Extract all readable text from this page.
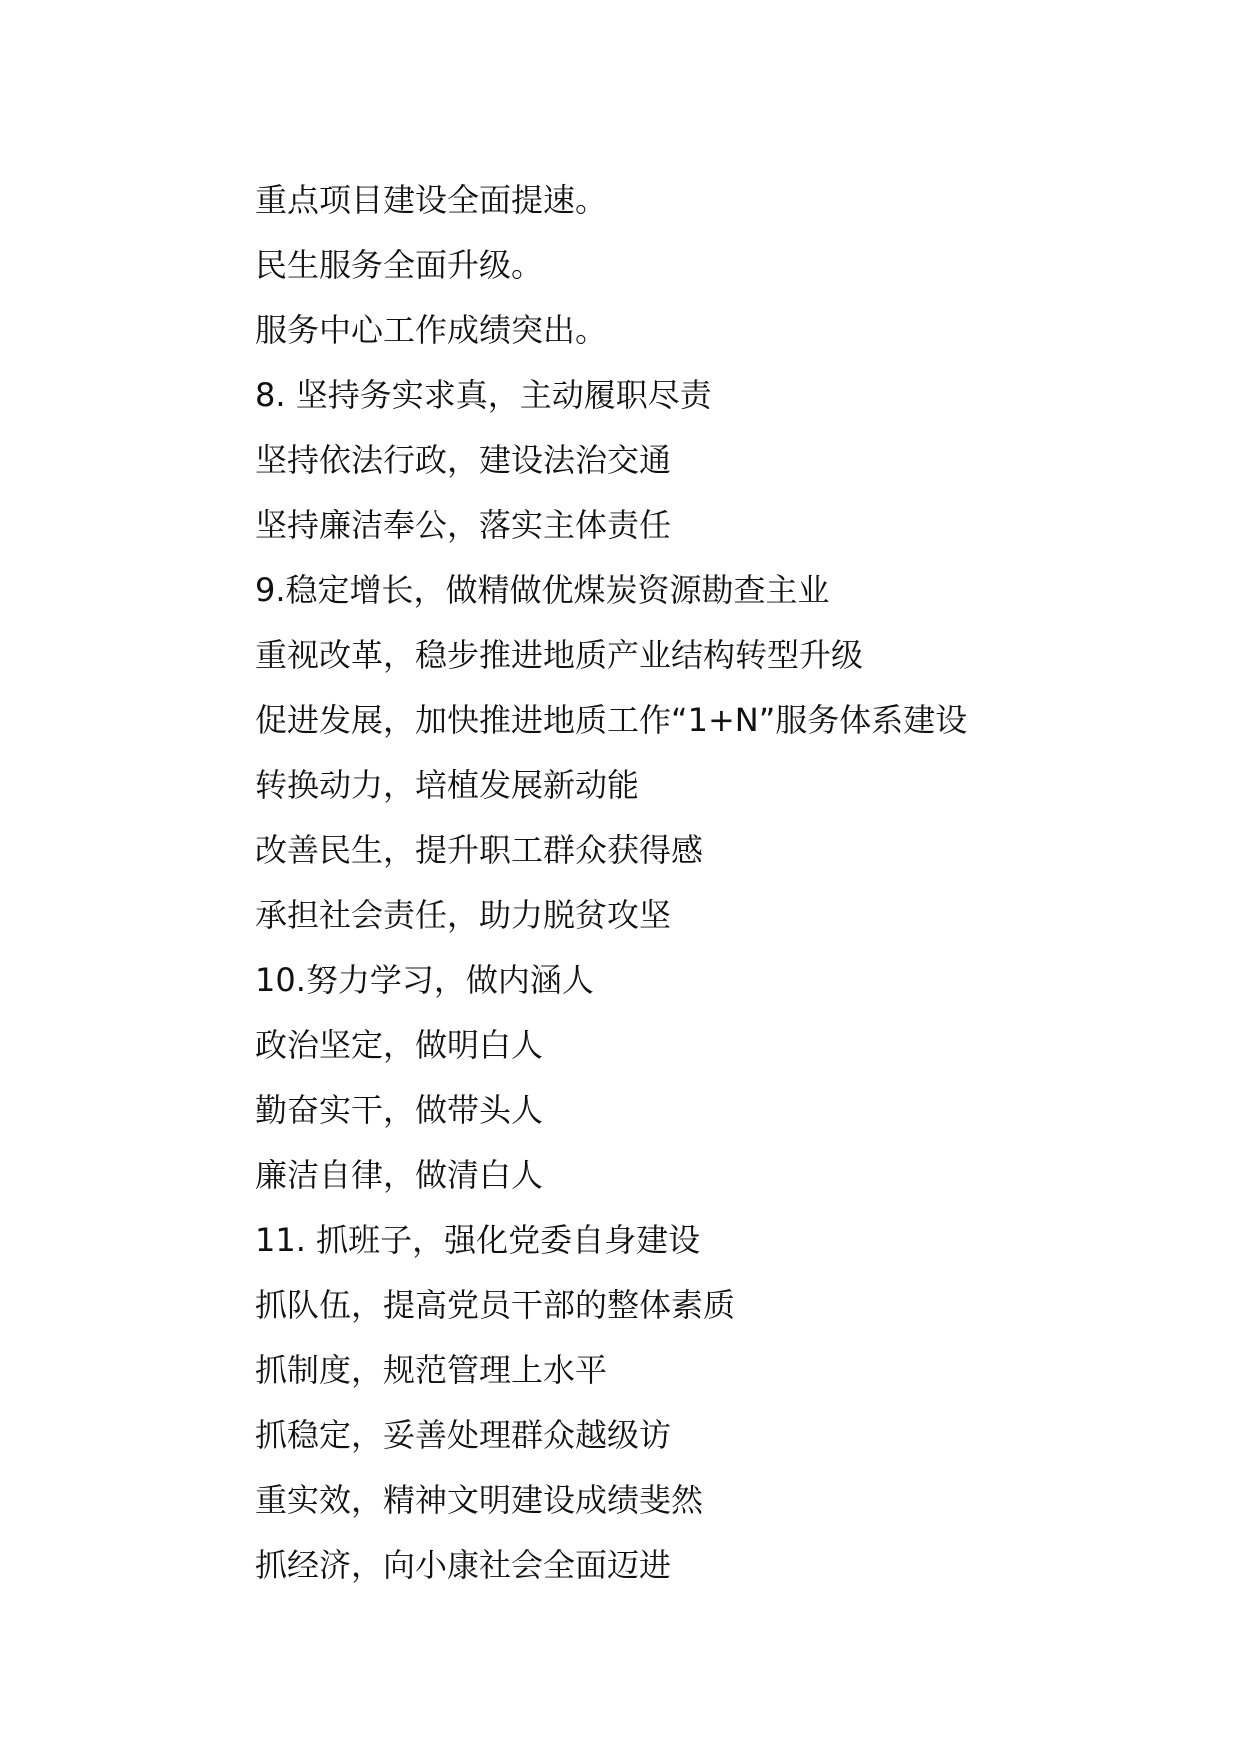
重点项目建设全面提速。
民生服务全面升级。
服务中心工作成绩突出。
8. 坚持务实求真，主动履职尽责
坚持依法行政，建设法治交通
坚持廉洁奉公，落实主体责任
9.稳定增长，做精做优煤炭资源勘查主业
重视改革，稳步推进地质产业结构转型升级
促进发展，加快推进地质工作“1+N”服务体系建设
转换动力，培植发展新动能
改善民生，提升职工群众获得感
承担社会责任，助力脱贫攻坚
10.努力学习，做内涵人
政治坚定，做明白人
勤奋实干，做带头人
廉洁自律，做清白人
11. 抓班子，强化党委自身建设
抓队伍，提高党员干部的整体素质
抓制度，规范管理上水平
抓稳定，妥善处理群众越级访
重实效，精神文明建设成绩斐然
抓经济，向小康社会全面迈进
